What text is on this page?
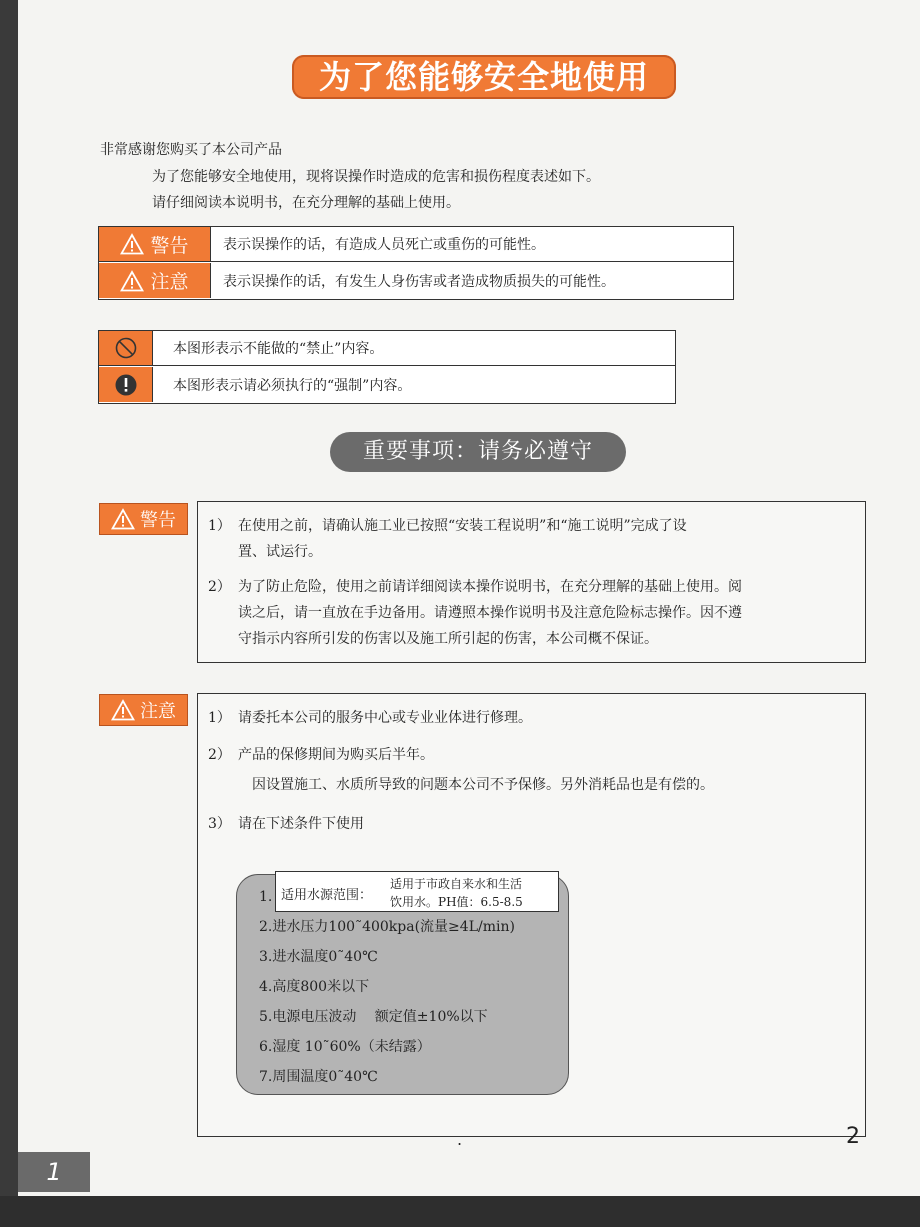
为了您能够安全地使用
非常感谢您购买了本公司产品
为了您能够安全地使用，现将误操作时造成的危害和损伤程度表述如下。
请仔细阅读本说明书，在充分理解的基础上使用。
警告 表示误操作的话，有造成人员死亡或重伤的可能性。
注意 表示误操作的话，有发生人身伤害或者造成物质损失的可能性。
本图形表示不能做的“禁止”内容。
本图形表示请必须执行的“强制”内容。
重要事项：请务必遵守
警告 1） 在使用之前，请确认施工业已按照“安装工程说明”和“施工说明”完成了设
置、试运行。
2） 为了防止危险，使用之前请详细阅读本操作说明书，在充分理解的基础上使用。阅
读之后，请一直放在手边备用。请遵照本操作说明书及注意危险标志操作。因不遵
守指示内容所引发的伤害以及施工所引起的伤害，本公司概不保证。
注意 1） 请委托本公司的服务中心或专业业体进行修理。
2） 产品的保修期间为购买后半年。
因设置施工、水质所导致的问题本公司不予保修。另外消耗品也是有偿的。
3） 请在下述条件下使用
1.
2.进水压力100˜400kpa(流量≥4L/min)
3.进水温度0˜40℃
4.高度800米以下
5.电源电压波动　 额定值±10%以下
6.湿度 10˜60%（未结露）
7.周围温度0˜40℃
适用水源范围：
适用于市政自来水和生活
饮用水。PH值：6.5-8.5
1
.	2
